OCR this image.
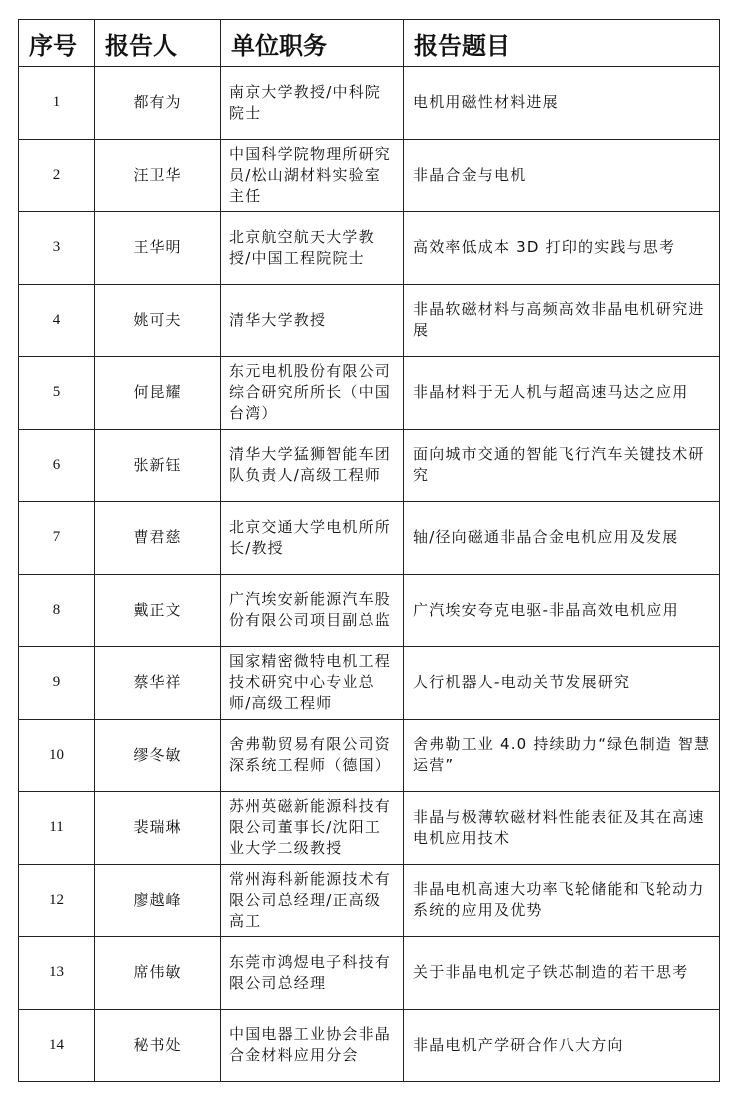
序号	报告人	单位职务	报告题目
1	都有为	南京大学教授/中科院院士	电机用磁性材料进展
2	汪卫华	中国科学院物理所研究员/松山湖材料实验室主任	非晶合金与电机
3	王华明	北京航空航天大学教授/中国工程院院士	高效率低成本 3D 打印的实践与思考
4	姚可夫	清华大学教授	非晶软磁材料与高频高效非晶电机研究进展
5	何昆耀	东元电机股份有限公司综合研究所所长（中国台湾）	非晶材料于无人机与超高速马达之应用
6	张新钰	清华大学猛狮智能车团队负责人/高级工程师	面向城市交通的智能飞行汽车关键技术研究
7	曹君慈	北京交通大学电机所所长/教授	轴/径向磁通非晶合金电机应用及发展
8	戴正文	广汽埃安新能源汽车股份有限公司项目副总监	广汽埃安夸克电驱-非晶高效电机应用
9	蔡华祥	国家精密微特电机工程技术研究中心专业总师/高级工程师	人行机器人-电动关节发展研究
10	缪冬敏	舍弗勒贸易有限公司资深系统工程师（德国）	舍弗勒工业 4.0 持续助力“绿色制造 智慧运营”
11	裴瑞琳	苏州英磁新能源科技有限公司董事长/沈阳工业大学二级教授	非晶与极薄软磁材料性能表征及其在高速电机应用技术
12	廖越峰	常州海科新能源技术有限公司总经理/正高级高工	非晶电机高速大功率飞轮储能和飞轮动力系统的应用及优势
13	席伟敏	东莞市鸿煜电子科技有限公司总经理	关于非晶电机定子铁芯制造的若干思考
14	秘书处	中国电器工业协会非晶合金材料应用分会	非晶电机产学研合作八大方向
